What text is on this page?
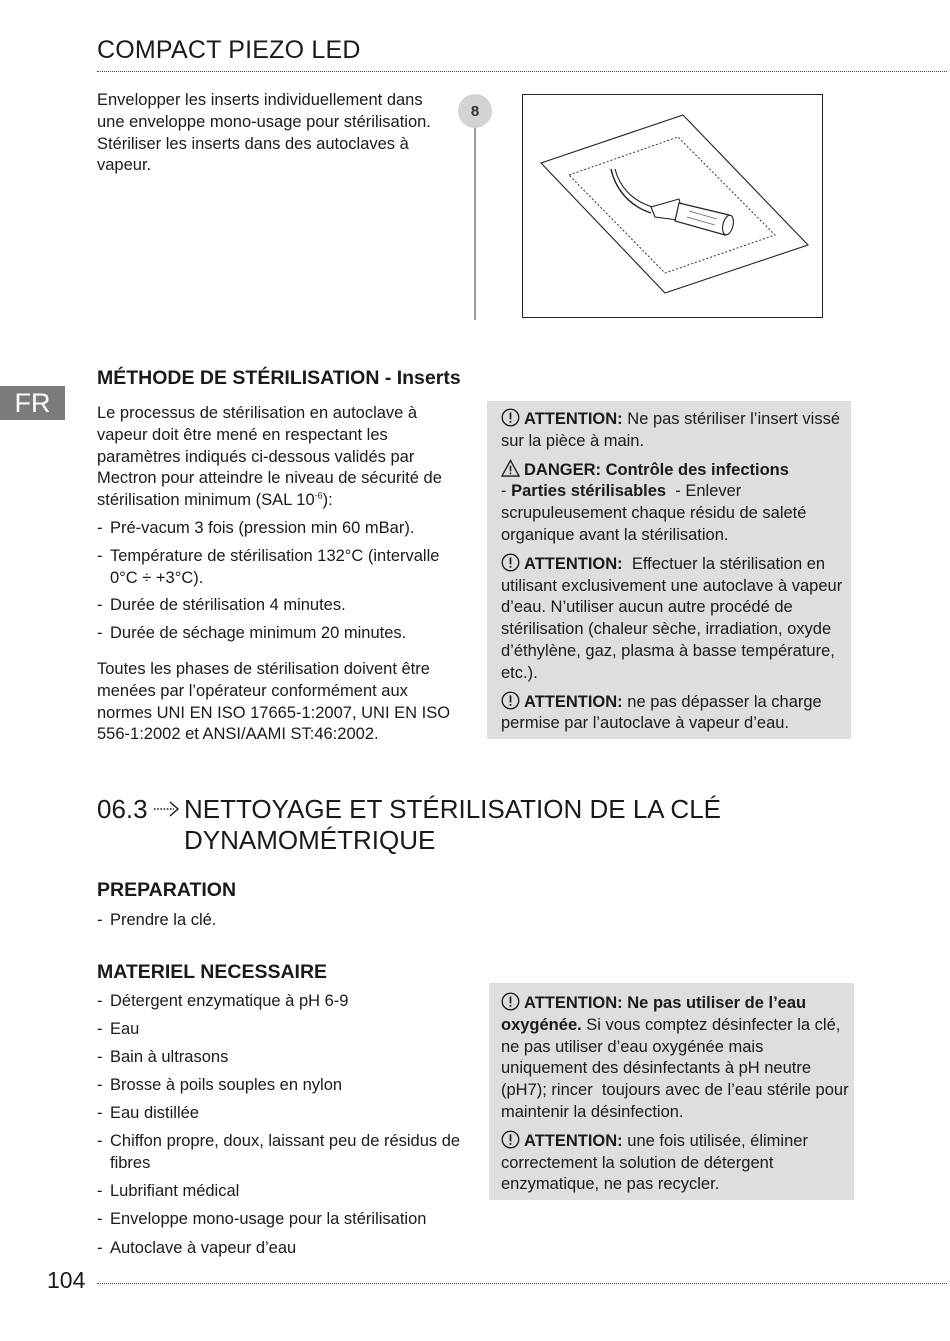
COMPACT PIEZO LED
Envelopper les inserts individuellement dans une enveloppe mono-usage pour stérilisation.
Stériliser les inserts dans des autoclaves à vapeur.
8
FR
MÉTHODE DE STÉRILISATION - Inserts
Le processus de stérilisation en autoclave à vapeur doit être mené en respectant les paramètres indiqués ci-dessous validés par Mectron pour atteindre le niveau de sécurité de stérilisation minimum (SAL $10^{-6}$):
- Pré-vacum 3 fois (pression min 60 mBar).
- Température de stérilisation 132°C (intervalle 0°C ÷ +3°C).
- Durée de stérilisation 4 minutes.
- Durée de séchage minimum 20 minutes.
Toutes les phases de stérilisation doivent être menées par l’opérateur conformément aux normes UNI EN ISO 17665-1:2007, UNI EN ISO 556-1:2002 et ANSI/AAMI ST:46:2002.

ATTENTION: Ne pas stériliser l’insert vissé sur la pièce à main.

DANGER: Contrôle des infections
- Parties stérilisables  - Enlever scrupuleusement chaque résidu de saleté organique avant la stérilisation.

ATTENTION:  Effectuer la stérilisation en utilisant exclusivement une autoclave à vapeur d’eau. N’utiliser aucun autre procédé de stérilisation (chaleur sèche, irradiation, oxyde d’éthylène, gaz, plasma à basse température, etc.).

ATTENTION: ne pas dépasser la charge permise par l’autoclave à vapeur d’eau.

06.3 NETTOYAGE ET STÉRILISATION DE LA CLÉ
DYNAMOMÉTRIQUE
PREPARATION
- Prendre la clé.
MATERIEL NECESSAIRE
- Détergent enzymatique à pH 6-9
- Eau
- Bain à ultrasons
- Brosse à poils souples en nylon
- Eau distillée
- Chiffon propre, doux, laissant peu de résidus de fibres
- Lubrifiant médical
- Enveloppe mono-usage pour la stérilisation
- Autoclave à vapeur d’eau

ATTENTION: Ne pas utiliser de l’eau oxygénée. Si vous comptez désinfecter la clé, ne pas utiliser d’eau oxygénée mais uniquement des désinfectants à pH neutre (pH7); rincer  toujours avec de l’eau stérile pour maintenir la désinfection.

ATTENTION: une fois utilisée, éliminer correctement la solution de détergent enzymatique, ne pas recycler.

104
